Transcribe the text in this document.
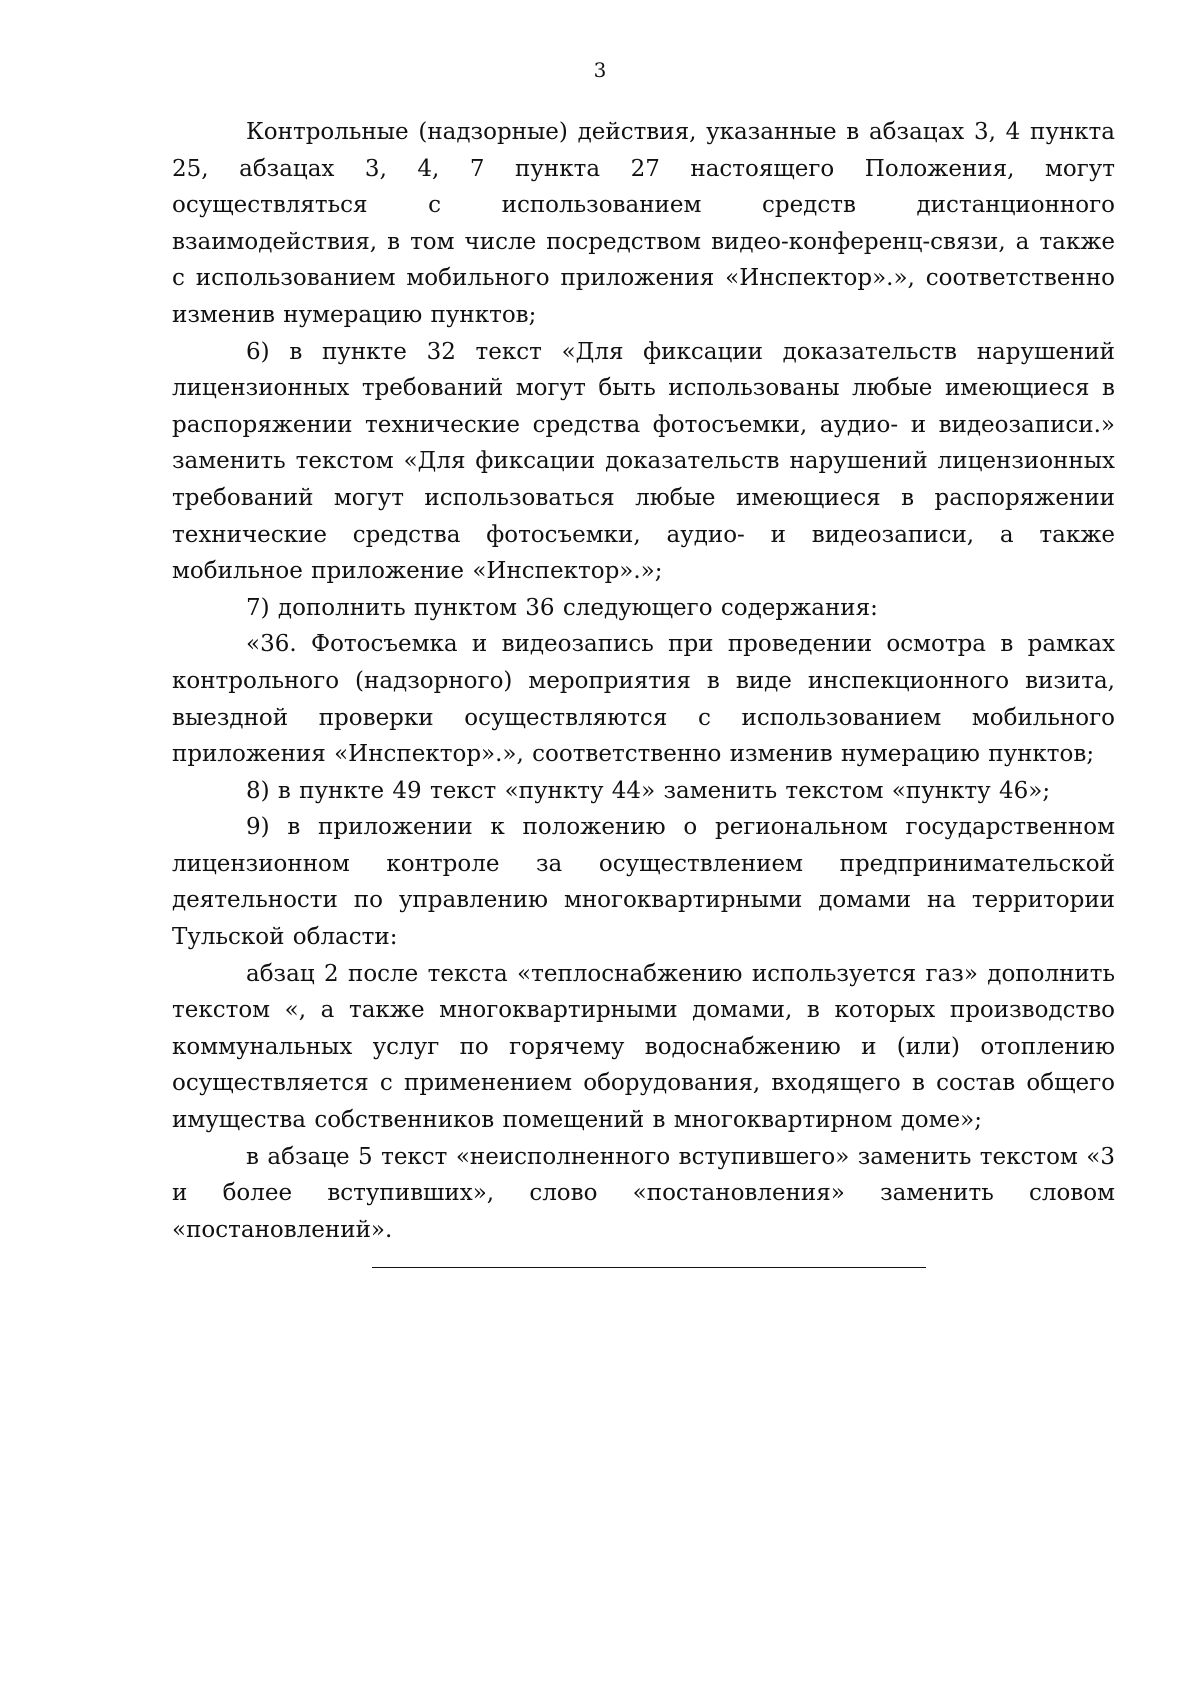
3

Контрольные (надзорные) действия, указанные в абзацах 3, 4 пункта 25, абзацах 3, 4, 7 пункта 27 настоящего Положения, могут осуществляться с использованием средств дистанционного взаимодействия, в том числе посредством видео-конференц-связи, а также с использованием мобильного приложения «Инспектор».», соответственно изменив нумерацию пунктов;

6) в пункте 32 текст «Для фиксации доказательств нарушений лицензионных требований могут быть использованы любые имеющиеся в распоряжении технические средства фотосъемки, аудио- и видеозаписи.» заменить текстом «Для фиксации доказательств нарушений лицензионных требований могут использоваться любые имеющиеся в распоряжении технические средства фотосъемки, аудио- и видеозаписи, а также мобильное приложение «Инспектор».»;

7) дополнить пунктом 36 следующего содержания:

«36. Фотосъемка и видеозапись при проведении осмотра в рамках контрольного (надзорного) мероприятия в виде инспекционного визита, выездной проверки осуществляются с использованием мобильного приложения «Инспектор».», соответственно изменив нумерацию пунктов;

8) в пункте 49 текст «пункту 44» заменить текстом «пункту 46»;

9) в приложении к положению о региональном государственном лицензионном контроле за осуществлением предпринимательской деятельности по управлению многоквартирными домами на территории Тульской области:

абзац 2 после текста «теплоснабжению используется газ» дополнить текстом «, а также многоквартирными домами, в которых производство коммунальных услуг по горячему водоснабжению и (или) отоплению осуществляется с применением оборудования, входящего в состав общего имущества собственников помещений в многоквартирном доме»;

в абзаце 5 текст «неисполненного вступившего» заменить текстом «3 и более вступивших», слово «постановления» заменить словом «постановлений».
